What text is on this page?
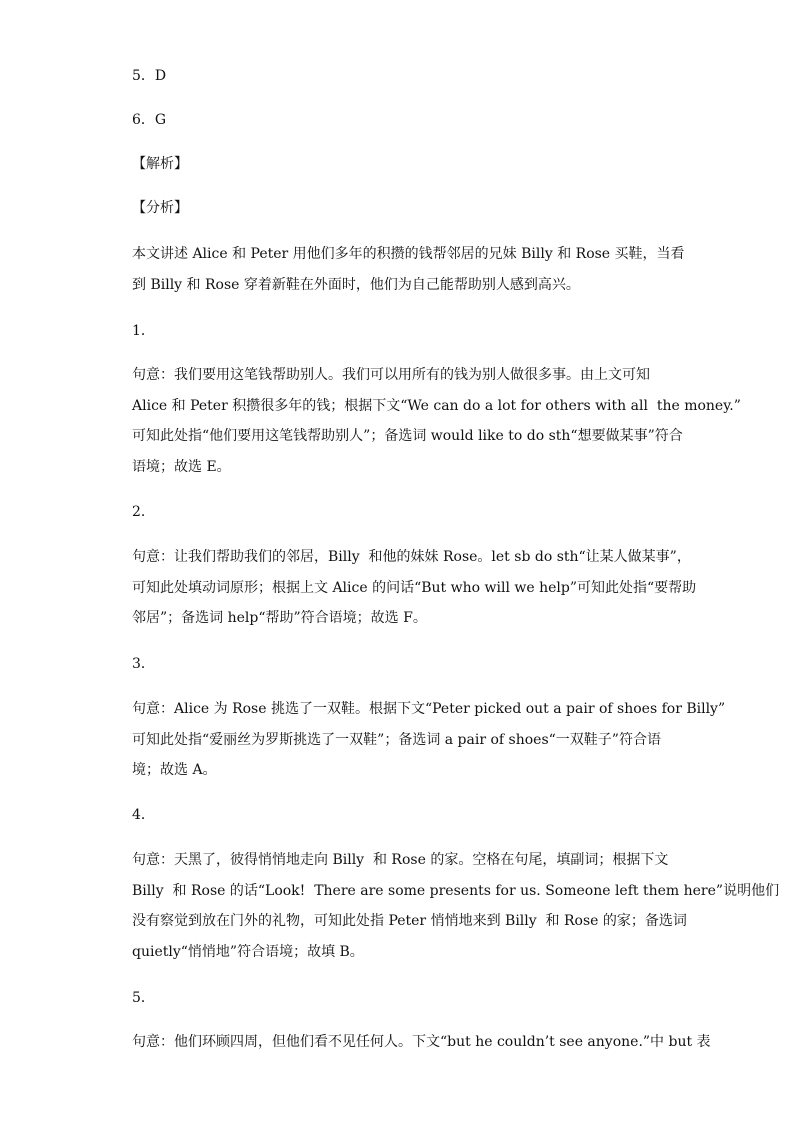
5．D
6．G
【解析】
【分析】
本文讲述 Alice 和 Peter 用他们多年的积攒的钱帮邻居的兄妹 Billy 和 Rose 买鞋，当看
到 Billy 和 Rose 穿着新鞋在外面时，他们为自己能帮助别人感到高兴。
1．
句意：我们要用这笔钱帮助别人。我们可以用所有的钱为别人做很多事。由上文可知
Alice 和 Peter 积攒很多年的钱；根据下文“We can do a lot for others with all  the money.”
可知此处指“他们要用这笔钱帮助别人”；备选词 would like to do sth“想要做某事”符合
语境；故选 E。
2．
句意：让我们帮助我们的邻居，Billy  和他的妹妹 Rose。let sb do sth“让某人做某事”，
可知此处填动词原形；根据上文 Alice 的问话“But who will we help”可知此处指“要帮助
邻居”；备选词 help“帮助”符合语境；故选 F。
3．
句意：Alice 为 Rose 挑选了一双鞋。根据下文“Peter picked out a pair of shoes for Billy”
可知此处指“爱丽丝为罗斯挑选了一双鞋”；备选词 a pair of shoes“一双鞋子”符合语
境；故选 A。
4．
句意：天黑了，彼得悄悄地走向 Billy  和 Rose 的家。空格在句尾，填副词；根据下文
Billy  和 Rose 的话“Look!  There are some presents for us. Someone left them here”说明他们
没有察觉到放在门外的礼物，可知此处指 Peter 悄悄地来到 Billy  和 Rose 的家；备选词
quietly“悄悄地”符合语境；故填 B。
5．
句意：他们环顾四周，但他们看不见任何人。下文“but he couldn’t see anyone.”中 but 表
